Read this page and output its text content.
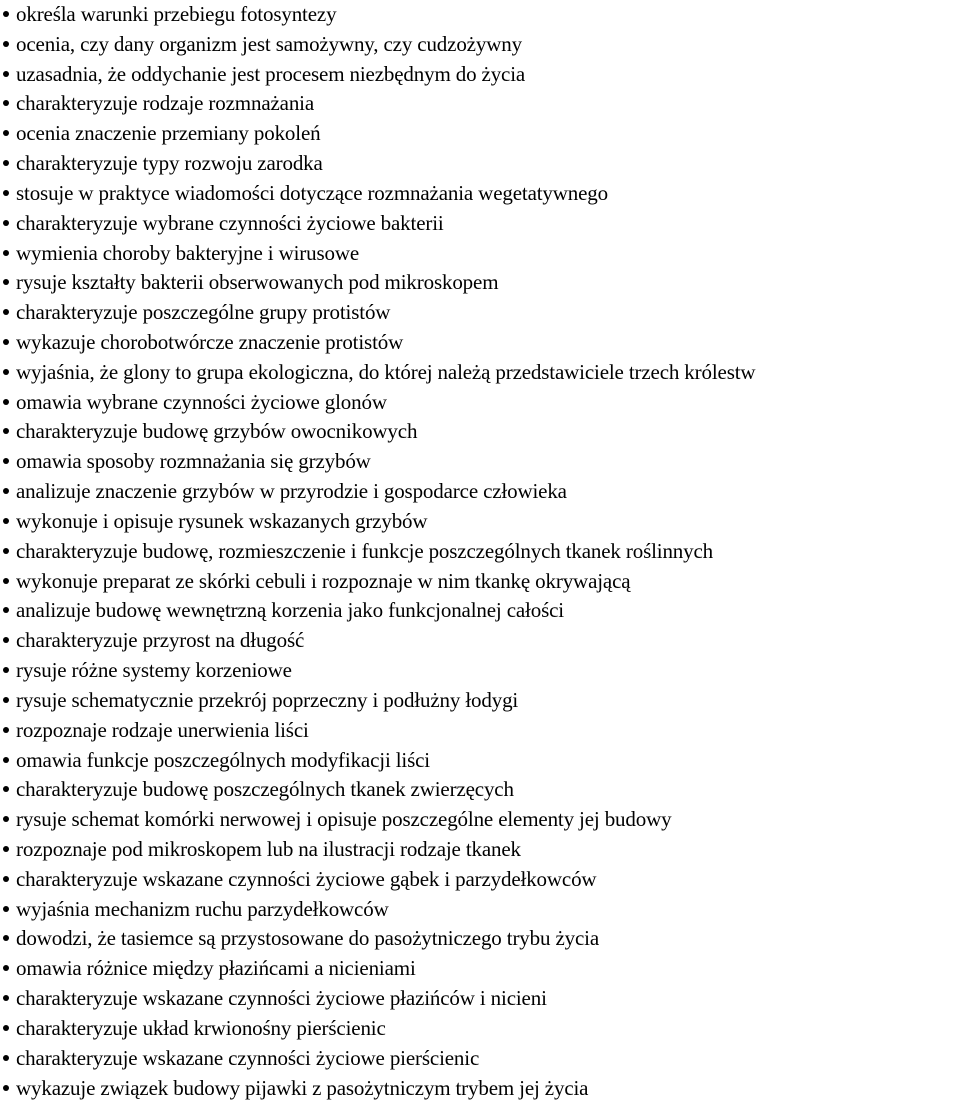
określa warunki przebiegu fotosyntezy
ocenia, czy dany organizm jest samożywny, czy cudzożywny
uzasadnia, że oddychanie jest procesem niezbędnym do życia
charakteryzuje rodzaje rozmnażania
ocenia znaczenie przemiany pokoleń
charakteryzuje typy rozwoju zarodka
stosuje w praktyce wiadomości dotyczące rozmnażania wegetatywnego
charakteryzuje wybrane czynności życiowe bakterii
wymienia choroby bakteryjne i wirusowe
rysuje kształty bakterii obserwowanych pod mikroskopem
charakteryzuje poszczególne grupy protistów
wykazuje chorobotwórcze znaczenie protistów
wyjaśnia, że glony to grupa ekologiczna, do której należą przedstawiciele trzech królestw
omawia wybrane czynności życiowe glonów
charakteryzuje budowę grzybów owocnikowych
omawia sposoby rozmnażania się grzybów
analizuje znaczenie grzybów w przyrodzie i gospodarce człowieka
wykonuje i opisuje rysunek wskazanych grzybów
charakteryzuje budowę, rozmieszczenie i funkcje poszczególnych tkanek roślinnych
wykonuje preparat ze skórki cebuli i rozpoznaje w nim tkankę okrywającą
analizuje budowę wewnętrzną korzenia jako funkcjonalnej całości
charakteryzuje przyrost na długość
rysuje różne systemy korzeniowe
rysuje schematycznie przekrój poprzeczny i podłużny łodygi
rozpoznaje rodzaje unerwienia liści
omawia funkcje poszczególnych modyfikacji liści
charakteryzuje budowę poszczególnych tkanek zwierzęcych
rysuje schemat komórki nerwowej i opisuje poszczególne elementy jej budowy
rozpoznaje pod mikroskopem lub na ilustracji rodzaje tkanek
charakteryzuje wskazane czynności życiowe gąbek i parzydełkowców
wyjaśnia mechanizm ruchu parzydełkowców
dowodzi, że tasiemce są przystosowane do pasożytniczego trybu życia
omawia różnice między płazińcami a nicieniami
charakteryzuje wskazane czynności życiowe płazińców i nicieni
charakteryzuje układ krwionośny pierścienic
charakteryzuje wskazane czynności życiowe pierścienic
wykazuje związek budowy pijawki z pasożytniczym trybem jej życia
